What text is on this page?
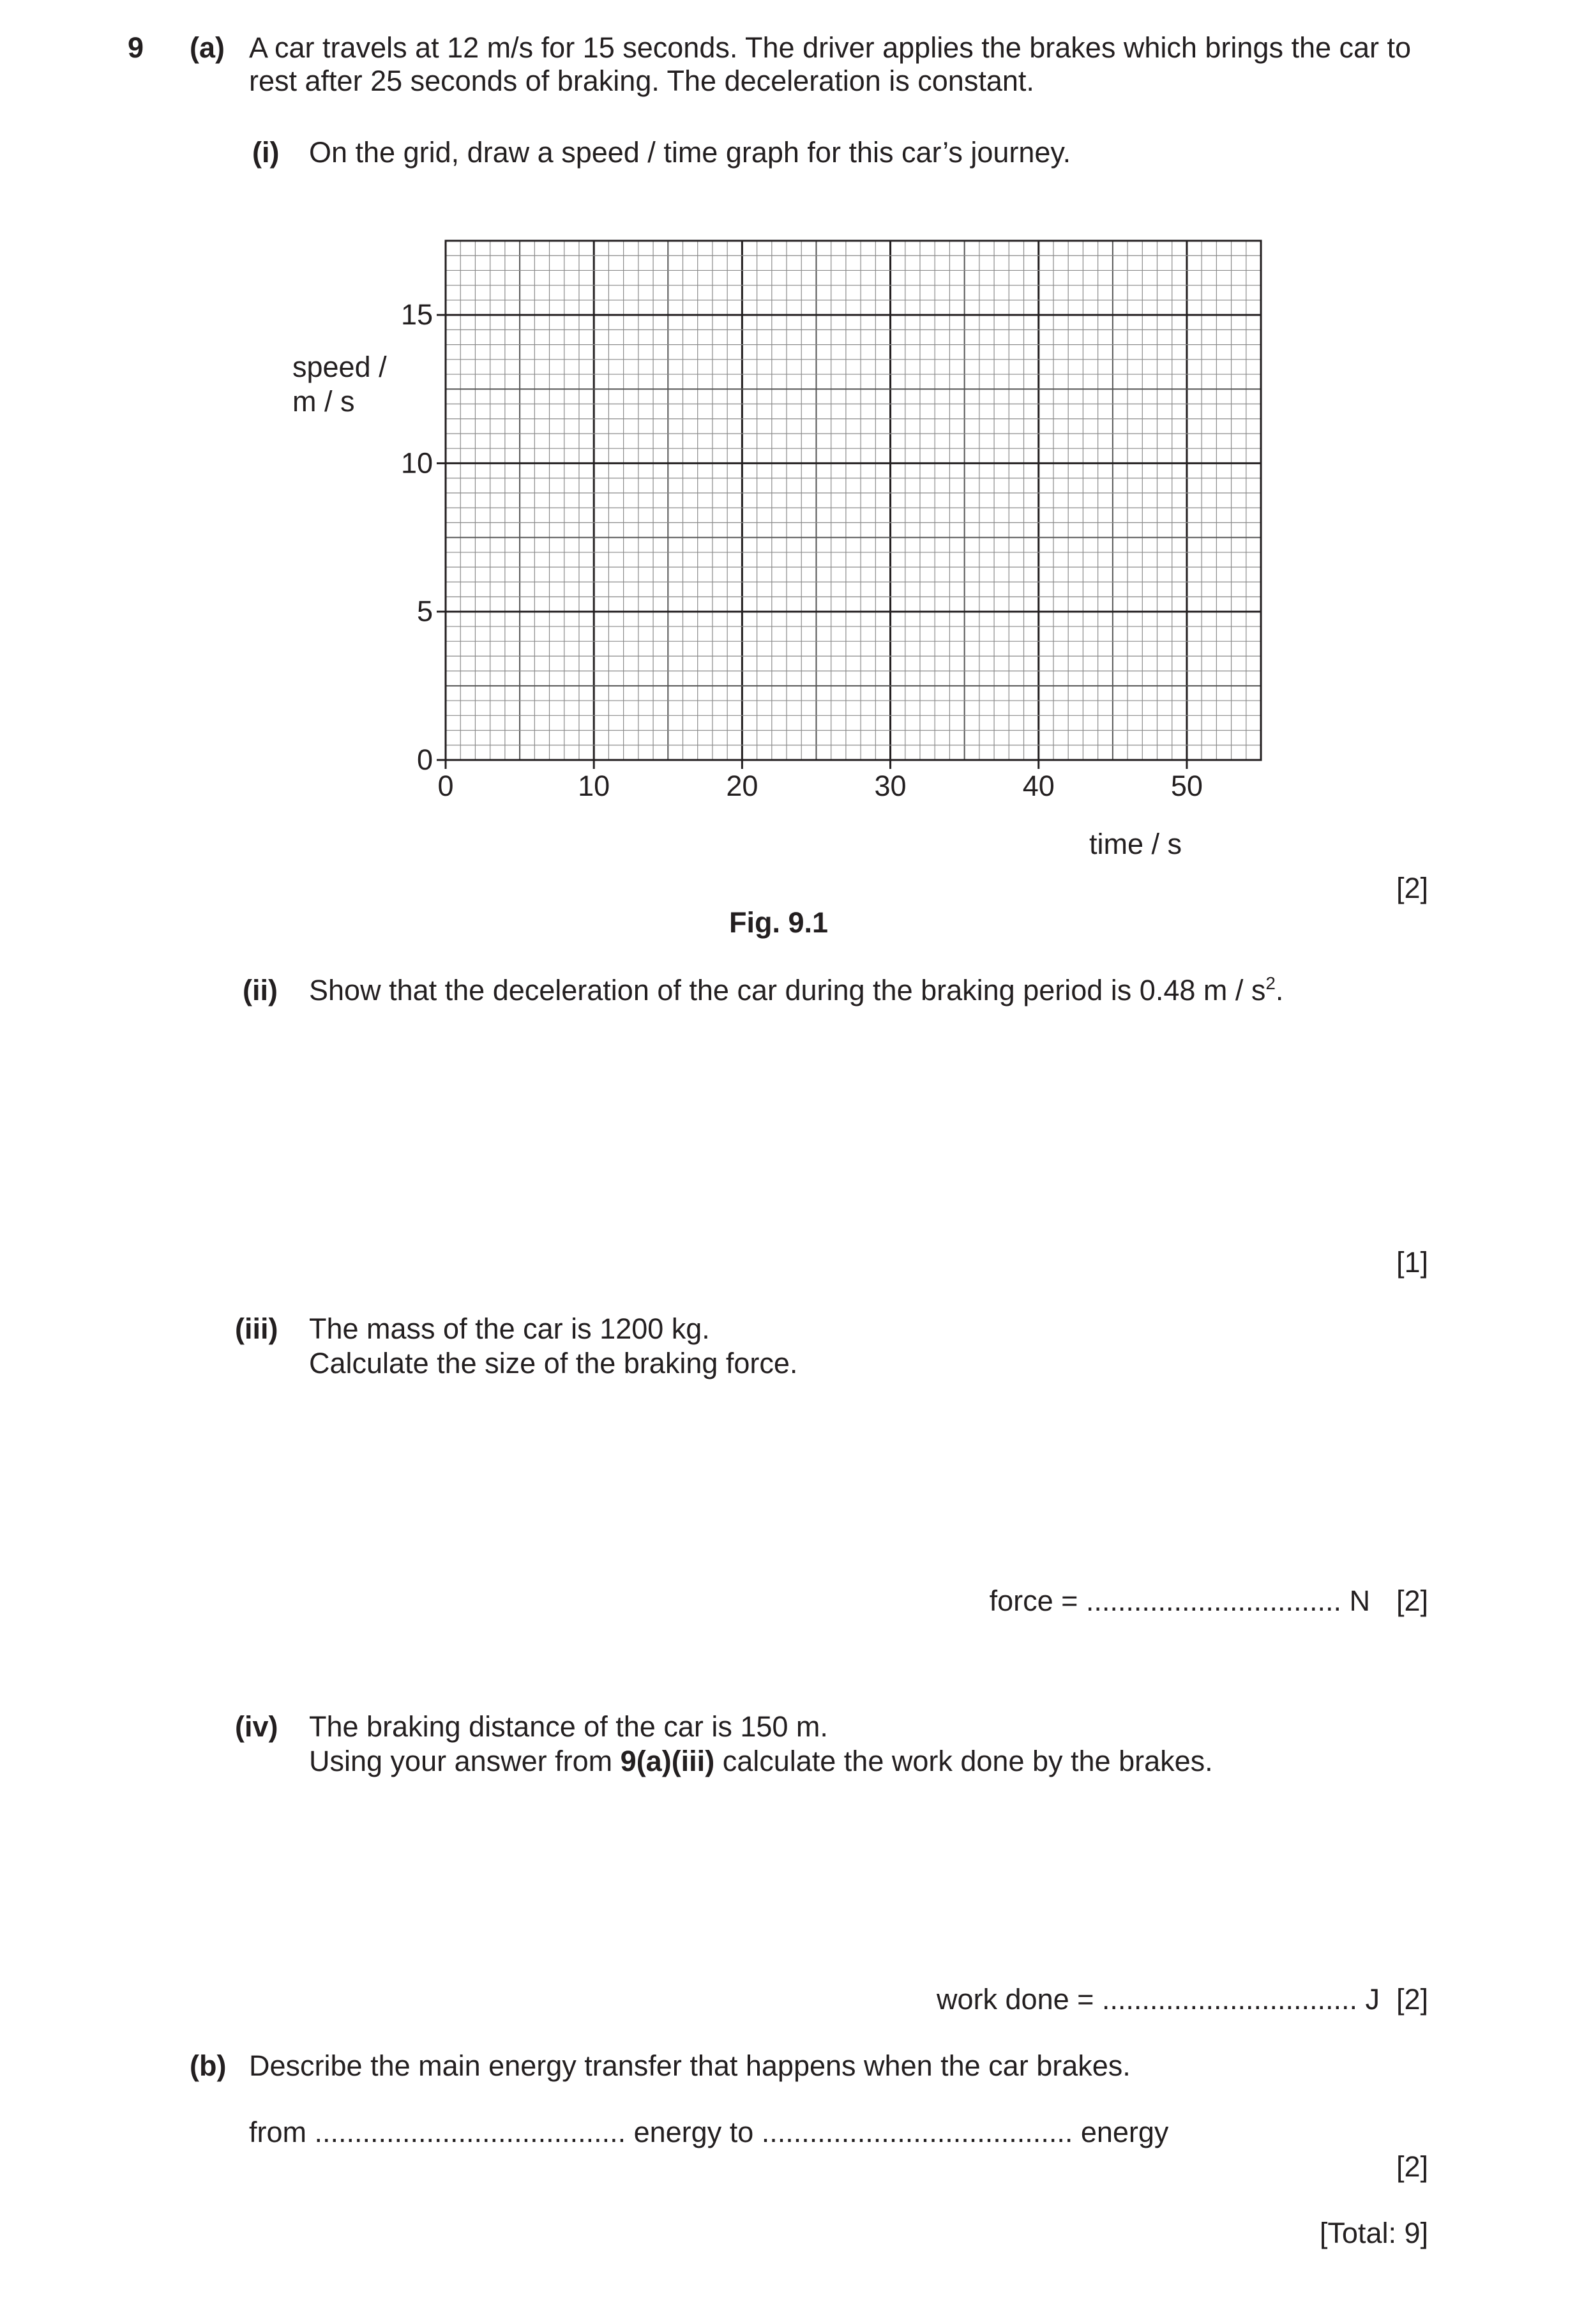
9 (a) A car travels at 12 m/s for 15 seconds. The driver applies the brakes which brings the car to
rest after 25 seconds of braking. The deceleration is constant.
(i) On the grid, draw a speed / time graph for this car’s journey.
0
5
10
15
0	10	20	30	40	50
speed /
m / s
time / s
[2]
Fig. 9.1
(ii) Show that the deceleration of the car during the braking period is 0.48 m / $s^2$.
[1]
(iii) The mass of the car is 1200 kg.
Calculate the size of the braking force.
force = ................................ N [2]
(iv) The braking distance of the car is 150 m.
Using your answer from 9(a)(iii) calculate the work done by the brakes.
work done = ................................ J [2]
(b) Describe the main energy transfer that happens when the car brakes.
from ....................................... energy to ....................................... energy
[2]
[Total: 9]
